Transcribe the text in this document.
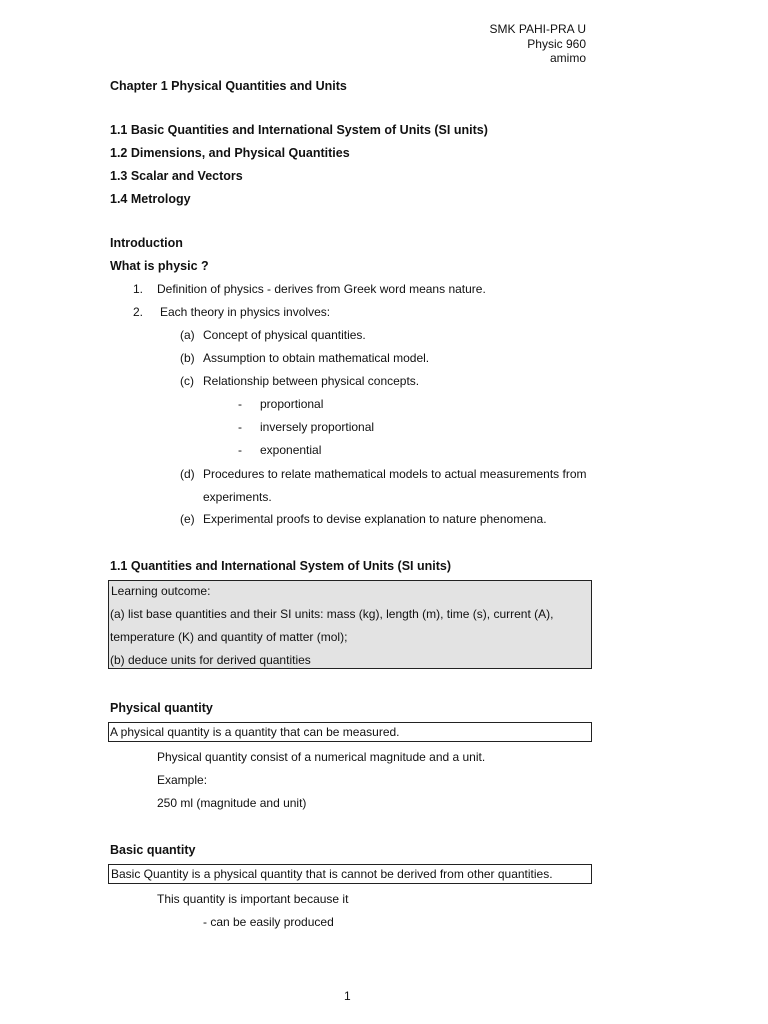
SMK PAHI-PRA U
Physic 960
amimo
Chapter 1 Physical Quantities and Units
1.1 Basic Quantities and International System of Units (SI units)
1.2 Dimensions, and Physical Quantities
1.3 Scalar and Vectors
1.4 Metrology
Introduction
What is physic ?
1. Definition of physics - derives from Greek word means nature.
2. Each theory in physics involves:
(a) Concept of physical quantities.
(b) Assumption to obtain mathematical model.
(c) Relationship between physical concepts.
- proportional
- inversely proportional
- exponential
(d) Procedures to relate mathematical models to actual measurements from
experiments.
(e) Experimental proofs to devise explanation to nature phenomena.
1.1 Quantities and International System of Units (SI units)
Learning outcome:
(a) list base quantities and their SI units: mass (kg), length (m), time (s), current (A),
temperature (K) and quantity of matter (mol);
(b) deduce units for derived quantities
Physical quantity
A physical quantity is a quantity that can be measured.
Physical quantity consist of a numerical magnitude and a unit.
Example:
250 ml (magnitude and unit)
Basic quantity
Basic Quantity is a physical quantity that is cannot be derived from other quantities.
This quantity is important because it
- can be easily produced
1
